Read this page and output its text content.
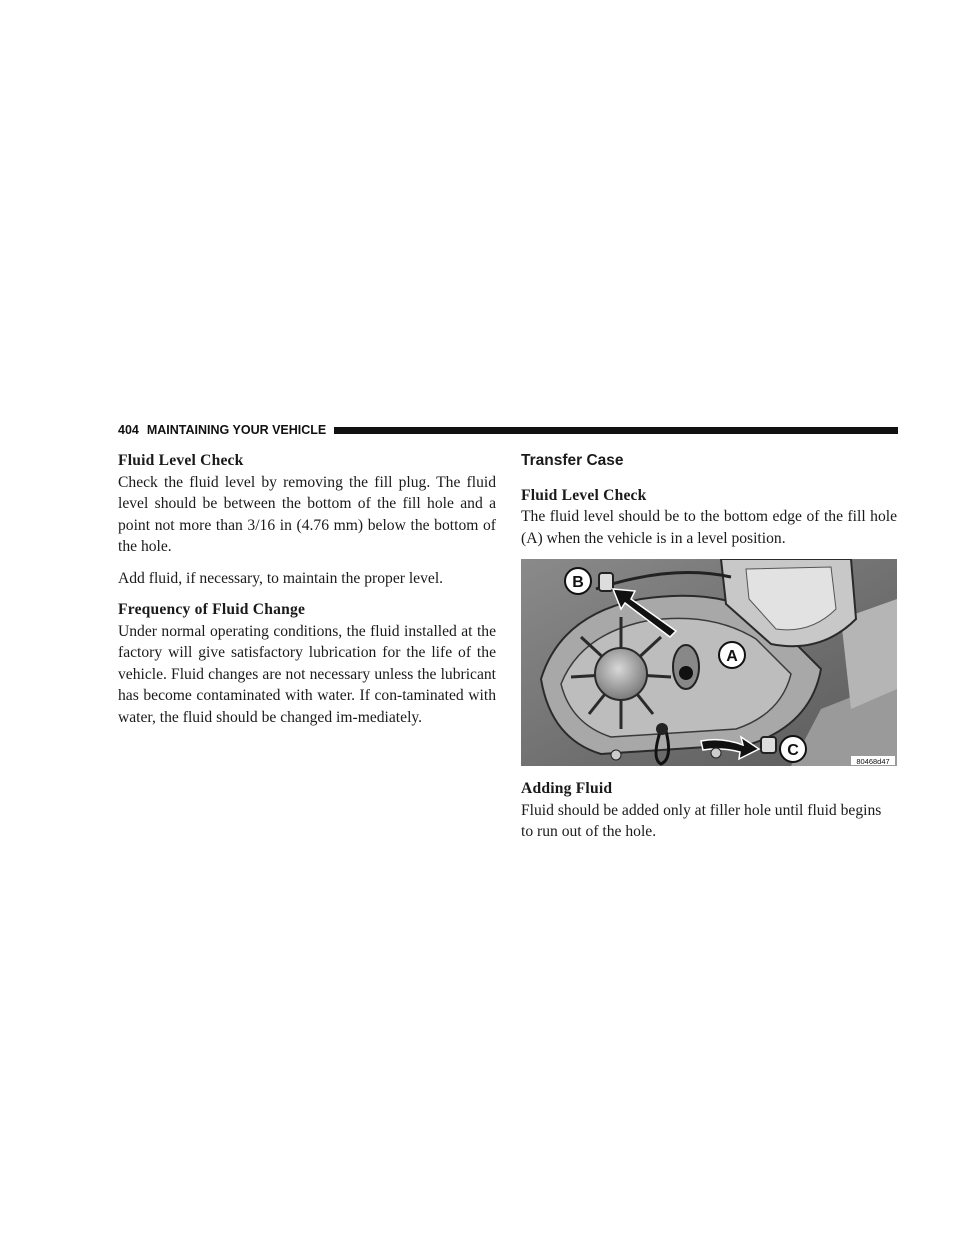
404 MAINTAINING YOUR VEHICLE
Fluid Level Check

Check the fluid level by removing the fill plug. The fluid level should be between the bottom of the fill hole and a point not more than 3/16 in (4.76 mm) below the bottom of the hole.

Add fluid, if necessary, to maintain the proper level.

Frequency of Fluid Change

Under normal operating conditions, the fluid installed at the factory will give satisfactory lubrication for the life of the vehicle. Fluid changes are not necessary unless the lubricant has become contaminated with water. If con-taminated with water, the fluid should be changed im-mediately.

Transfer Case
Fluid Level Check

The fluid level should be to the bottom edge of the fill hole (A) when the vehicle is in a level position.

B
A
C
80468d47
Adding Fluid

Fluid should be added only at filler hole until fluid begins to run out of the hole.
